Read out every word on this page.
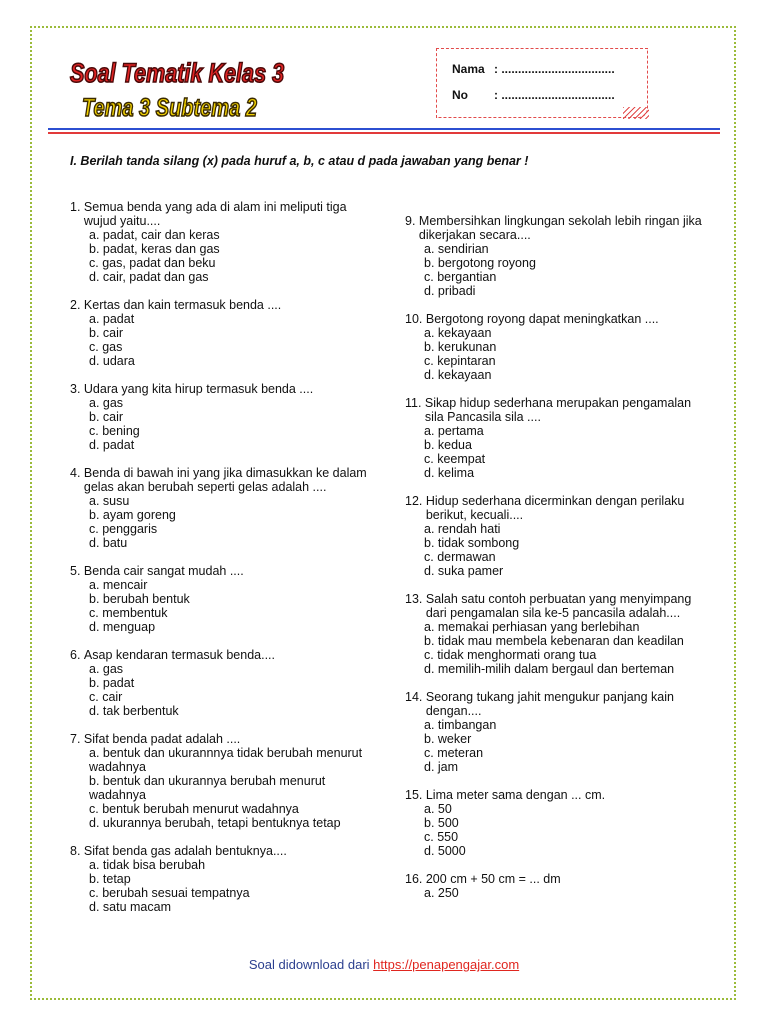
Soal Tematik Kelas 3
Tema 3 Subtema 2
Nama : ..................................
No	: ..................................
I. Berilah tanda silang (x) pada huruf a, b, c atau d pada jawaban yang benar !
1. Semua benda yang ada di alam ini meliputi tiga wujud yaitu....
a. padat, cair dan keras
b. padat, keras dan gas
c. gas, padat dan beku
d. cair, padat dan gas
2. Kertas dan kain termasuk benda ....
a. padat
b. cair
c. gas
d. udara
3. Udara yang kita hirup termasuk benda ....
a. gas
b. cair
c. bening
d. padat
4. Benda di bawah ini yang jika dimasukkan ke dalam gelas akan berubah seperti gelas adalah ....
a. susu
b. ayam goreng
c. penggaris
d. batu
5. Benda cair sangat mudah ....
a. mencair
b. berubah bentuk
c. membentuk
d. menguap
6. Asap kendaran termasuk benda....
a. gas
b. padat
c. cair
d. tak berbentuk
7. Sifat benda padat adalah ....
a. bentuk dan ukurannnya tidak berubah menurut wadahnya
b. bentuk dan ukurannya berubah menurut wadahnya
c. bentuk berubah menurut wadahnya
d. ukurannya berubah, tetapi bentuknya tetap
8. Sifat benda gas adalah bentuknya....
a. tidak bisa berubah
b. tetap
c. berubah sesuai tempatnya
d. satu macam
9. Membersihkan lingkungan sekolah lebih ringan jika dikerjakan secara....
a. sendirian
b. bergotong royong
c. bergantian
d. pribadi
10. Bergotong royong dapat meningkatkan ....
a. kekayaan
b. kerukunan
c. kepintaran
d. kekayaan
11. Sikap hidup sederhana merupakan pengamalan sila Pancasila sila ....
a. pertama
b. kedua
c. keempat
d. kelima
12. Hidup sederhana dicerminkan dengan perilaku berikut, kecuali....
a. rendah hati
b. tidak sombong
c. dermawan
d. suka pamer
13. Salah satu contoh perbuatan yang menyimpang dari pengamalan sila ke-5 pancasila adalah....
a. memakai perhiasan yang berlebihan
b. tidak mau membela kebenaran dan keadilan
c. tidak menghormati orang tua
d. memilih-milih dalam bergaul dan berteman
14. Seorang tukang jahit mengukur panjang kain dengan....
a. timbangan
b. weker
c. meteran
d. jam
15. Lima meter sama dengan ... cm.
a. 50
b. 500
c. 550
d. 5000
16. 200 cm + 50 cm = ... dm
a. 250
Soal didownload dari https://penapengajar.com
